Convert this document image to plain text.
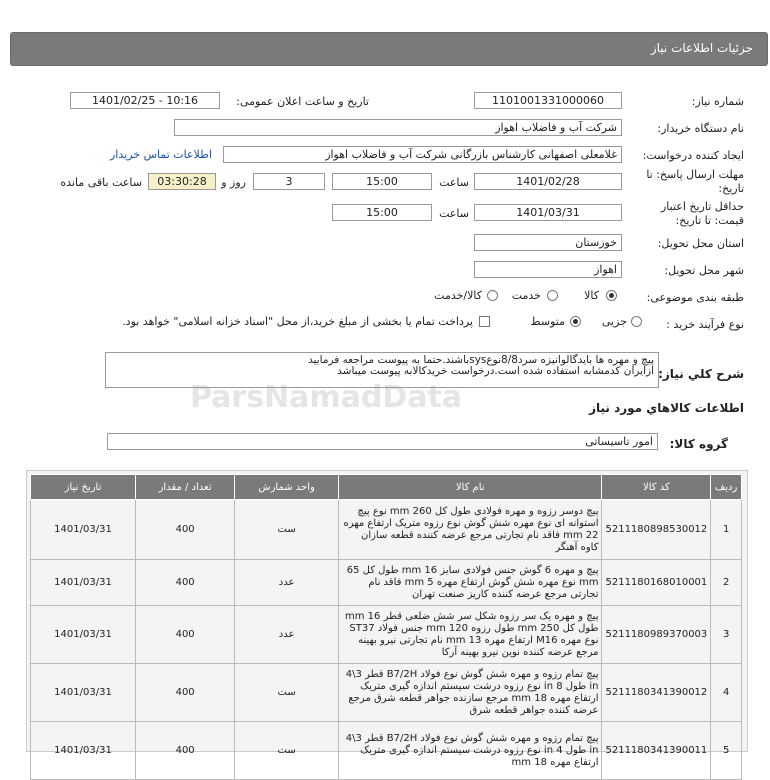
جزئیات اطلاعات نیاز
ParsNamadData
شماره نیاز:
1101001331000060
تاریخ و ساعت اعلان عمومی:
1401/02/25 - 10:16
نام دستگاه خریدار:
شرکت آب و فاضلاب اهواز
ایجاد کننده درخواست:
غلامعلی اصفهانی کارشناس بازرگانی شرکت آب و فاضلاب اهواز
اطلاعات تماس خریدار
مهلت ارسال پاسخ: تا
تاریخ:
1401/02/28
ساعت
15:00
3
روز و
03:30:28
ساعت باقی مانده
حداقل تاریخ اعتبار
قیمت: تا تاریخ:
1401/03/31
ساعت
15:00
استان محل تحویل:
خوزستان
شهر محل تحویل:
اهواز
طبقه بندی موضوعی:
کالا
خدمت
کالا/خدمت
نوع فرآیند خرید :
جزیی
متوسط
پرداخت تمام یا بخشی از مبلغ خرید،از محل "اسناد خزانه اسلامی" خواهد بود.
شرح کلي نياز:
پیچ و مهره ها بایدگالوانیزه سرد8/8نوعsysباشند.حتما به پیوست مراجعه فرمایید
ازایران کدمشابه استفاده شده است.درخواست خریدکالابه پیوست میباشد
اطلاعات کالاهاي مورد نياز
گروه کالا:
امور تاسیساتی
ردیف	کد کالا	نام کالا	واحد شمارش	تعداد / مقدار	تاریخ نیاز
1	5211180898530012	پیچ دوسر رزوه و مهره فولادی طول کل 260 mm نوع پیچ استوانه ای نوع مهره شش گوش نوع رزوه متریک ارتفاع مهره 22 mm فاقد نام تجارتی مرجع عرضه کننده قطعه سازان کاوه آهنگر	ست	400	1401/03/31
2	5211180168010001	پیچ و مهره 6 گوش جنس فولادی سایز 16 mm طول کل 65 mm نوع مهره شش گوش ارتفاع مهره 5 mm فاقد نام تجارتی مرجع عرضه کننده کاریز صنعت تهران	عدد	400	1401/03/31
3	5211180989370003	پیچ و مهره یک سر رزوه شکل سر شش ضلعی قطر 16 mm طول کل 250 mm طول رزوه 120 mm جنس فولاد ST37 نوع مهره M16 ارتفاع مهره 13 mm نام تجارتی نیرو بهینه مرجع عرضه کننده نوین نیرو بهینه آرکا	عدد	400	1401/03/31
4	5211180341390012	پیچ تمام رزوه و مهره شش گوش نوع فولاد B7/2H قطر 3\4 in طول 8 in نوع رزوه درشت سیستم اندازه گیری متریک ارتفاع مهره 18 mm مرجع سازنده جواهر قطعه شرق مرجع عرضه کننده جواهر قطعه شرق	ست	400	1401/03/31
5	5211180341390011	پیچ تمام رزوه و مهره شش گوش نوع فولاد B7/2H قطر 3\4 in طول 4 in نوع رزوه درشت سیستم اندازه گیری متریک ارتفاع مهره 18 mm	ست	400	1401/03/31
